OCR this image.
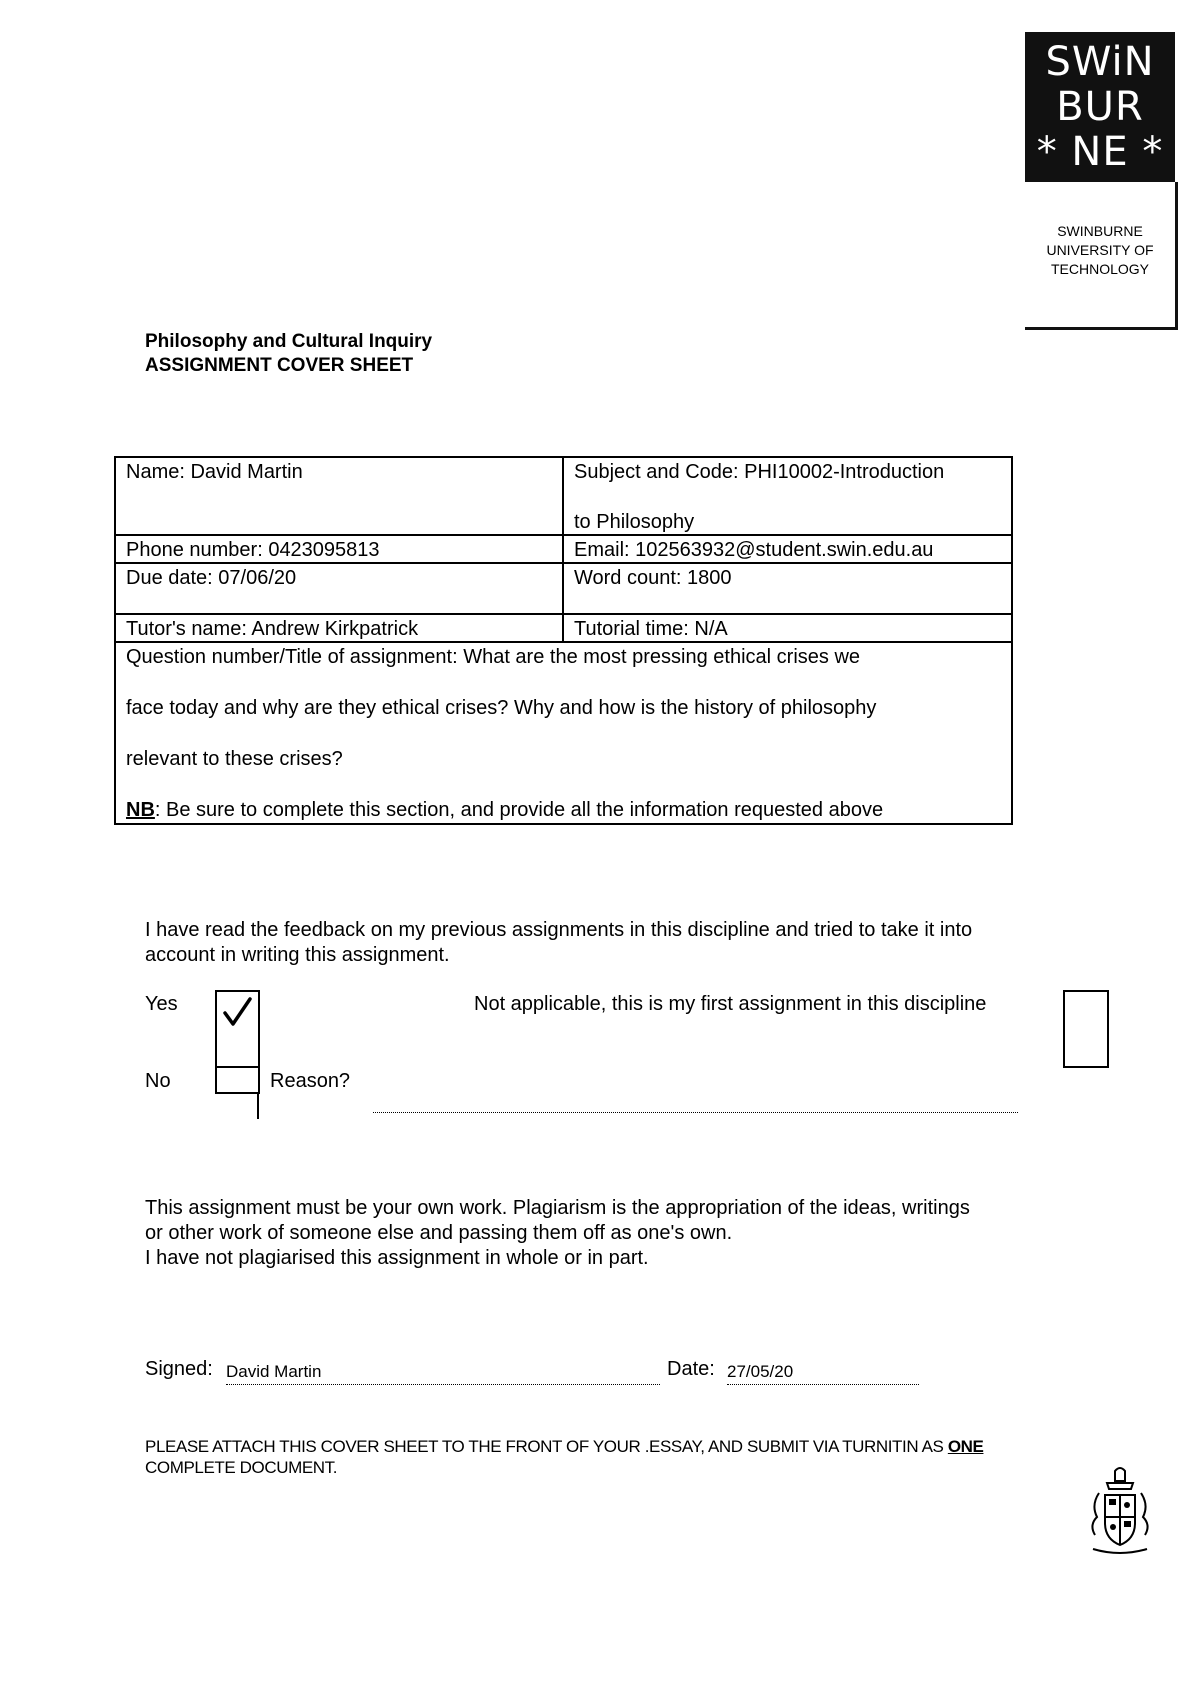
SWiN
BUR
* NE *
SWINBURNE
UNIVERSITY OF
TECHNOLOGY
Philosophy and Cultural Inquiry
ASSIGNMENT COVER SHEET
Name: David Martin	Subject and Code: PHI10002-Introduction
to Philosophy

Phone number: 0423095813	Email: 102563932@student.swin.edu.au
Due date: 07/06/20	Word count: 1800
Tutor's name: Andrew Kirkpatrick	Tutorial time: N/A

Question number/Title of assignment: What are the most pressing ethical crises we
face today and why are they ethical crises? Why and how is the history of philosophy
relevant to these crises?
NB: Be sure to complete this section, and provide all the information requested above	
I have read the feedback on my previous assignments in this discipline and tried to take it into
account in writing this assignment.
Yes	Not applicable, this is my first assignment in this discipline
No	Reason?
This assignment must be your own work. Plagiarism is the appropriation of the ideas, writings
or other work of someone else and passing them off as one's own.
I have not plagiarised this assignment in whole or in part.
Signed: David Martin	Date: 27/05/20
PLEASE ATTACH THIS COVER SHEET TO THE FRONT OF YOUR .ESSAY, AND SUBMIT VIA TURNITIN AS ONE
COMPLETE DOCUMENT.
